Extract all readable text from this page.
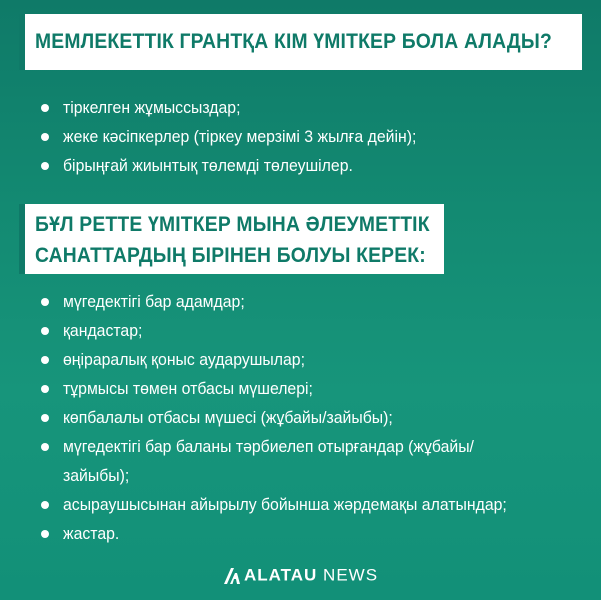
МЕМЛЕКЕТТІК ГРАНТҚА КІМ ҮМІТКЕР БОЛА АЛАДЫ?
тіркелген жұмыссыздар;
жеке кәсіпкерлер (тіркеу мерзімі 3 жылға дейін);
бірыңғай жиынтық төлемді төлеушілер.
БҰЛ РЕТТЕ ҮМІТКЕР МЫНА ӘЛЕУМЕТТІК
САНАТТАРДЫҢ БІРІНЕН БОЛУЫ КЕРЕК:
мүгедектігі бар адамдар;
қандастар;
өңіраралық қоныс аударушылар;
тұрмысы төмен отбасы мүшелері;
көпбалалы отбасы мүшесі (жұбайы/зайыбы);
мүгедектігі бар баланы тәрбиелеп отырғандар (жұбайы/
зайыбы);
асыраушысынан айырылу бойынша жәрдемақы алатындар;
жастар.
ALATAU NEWS
